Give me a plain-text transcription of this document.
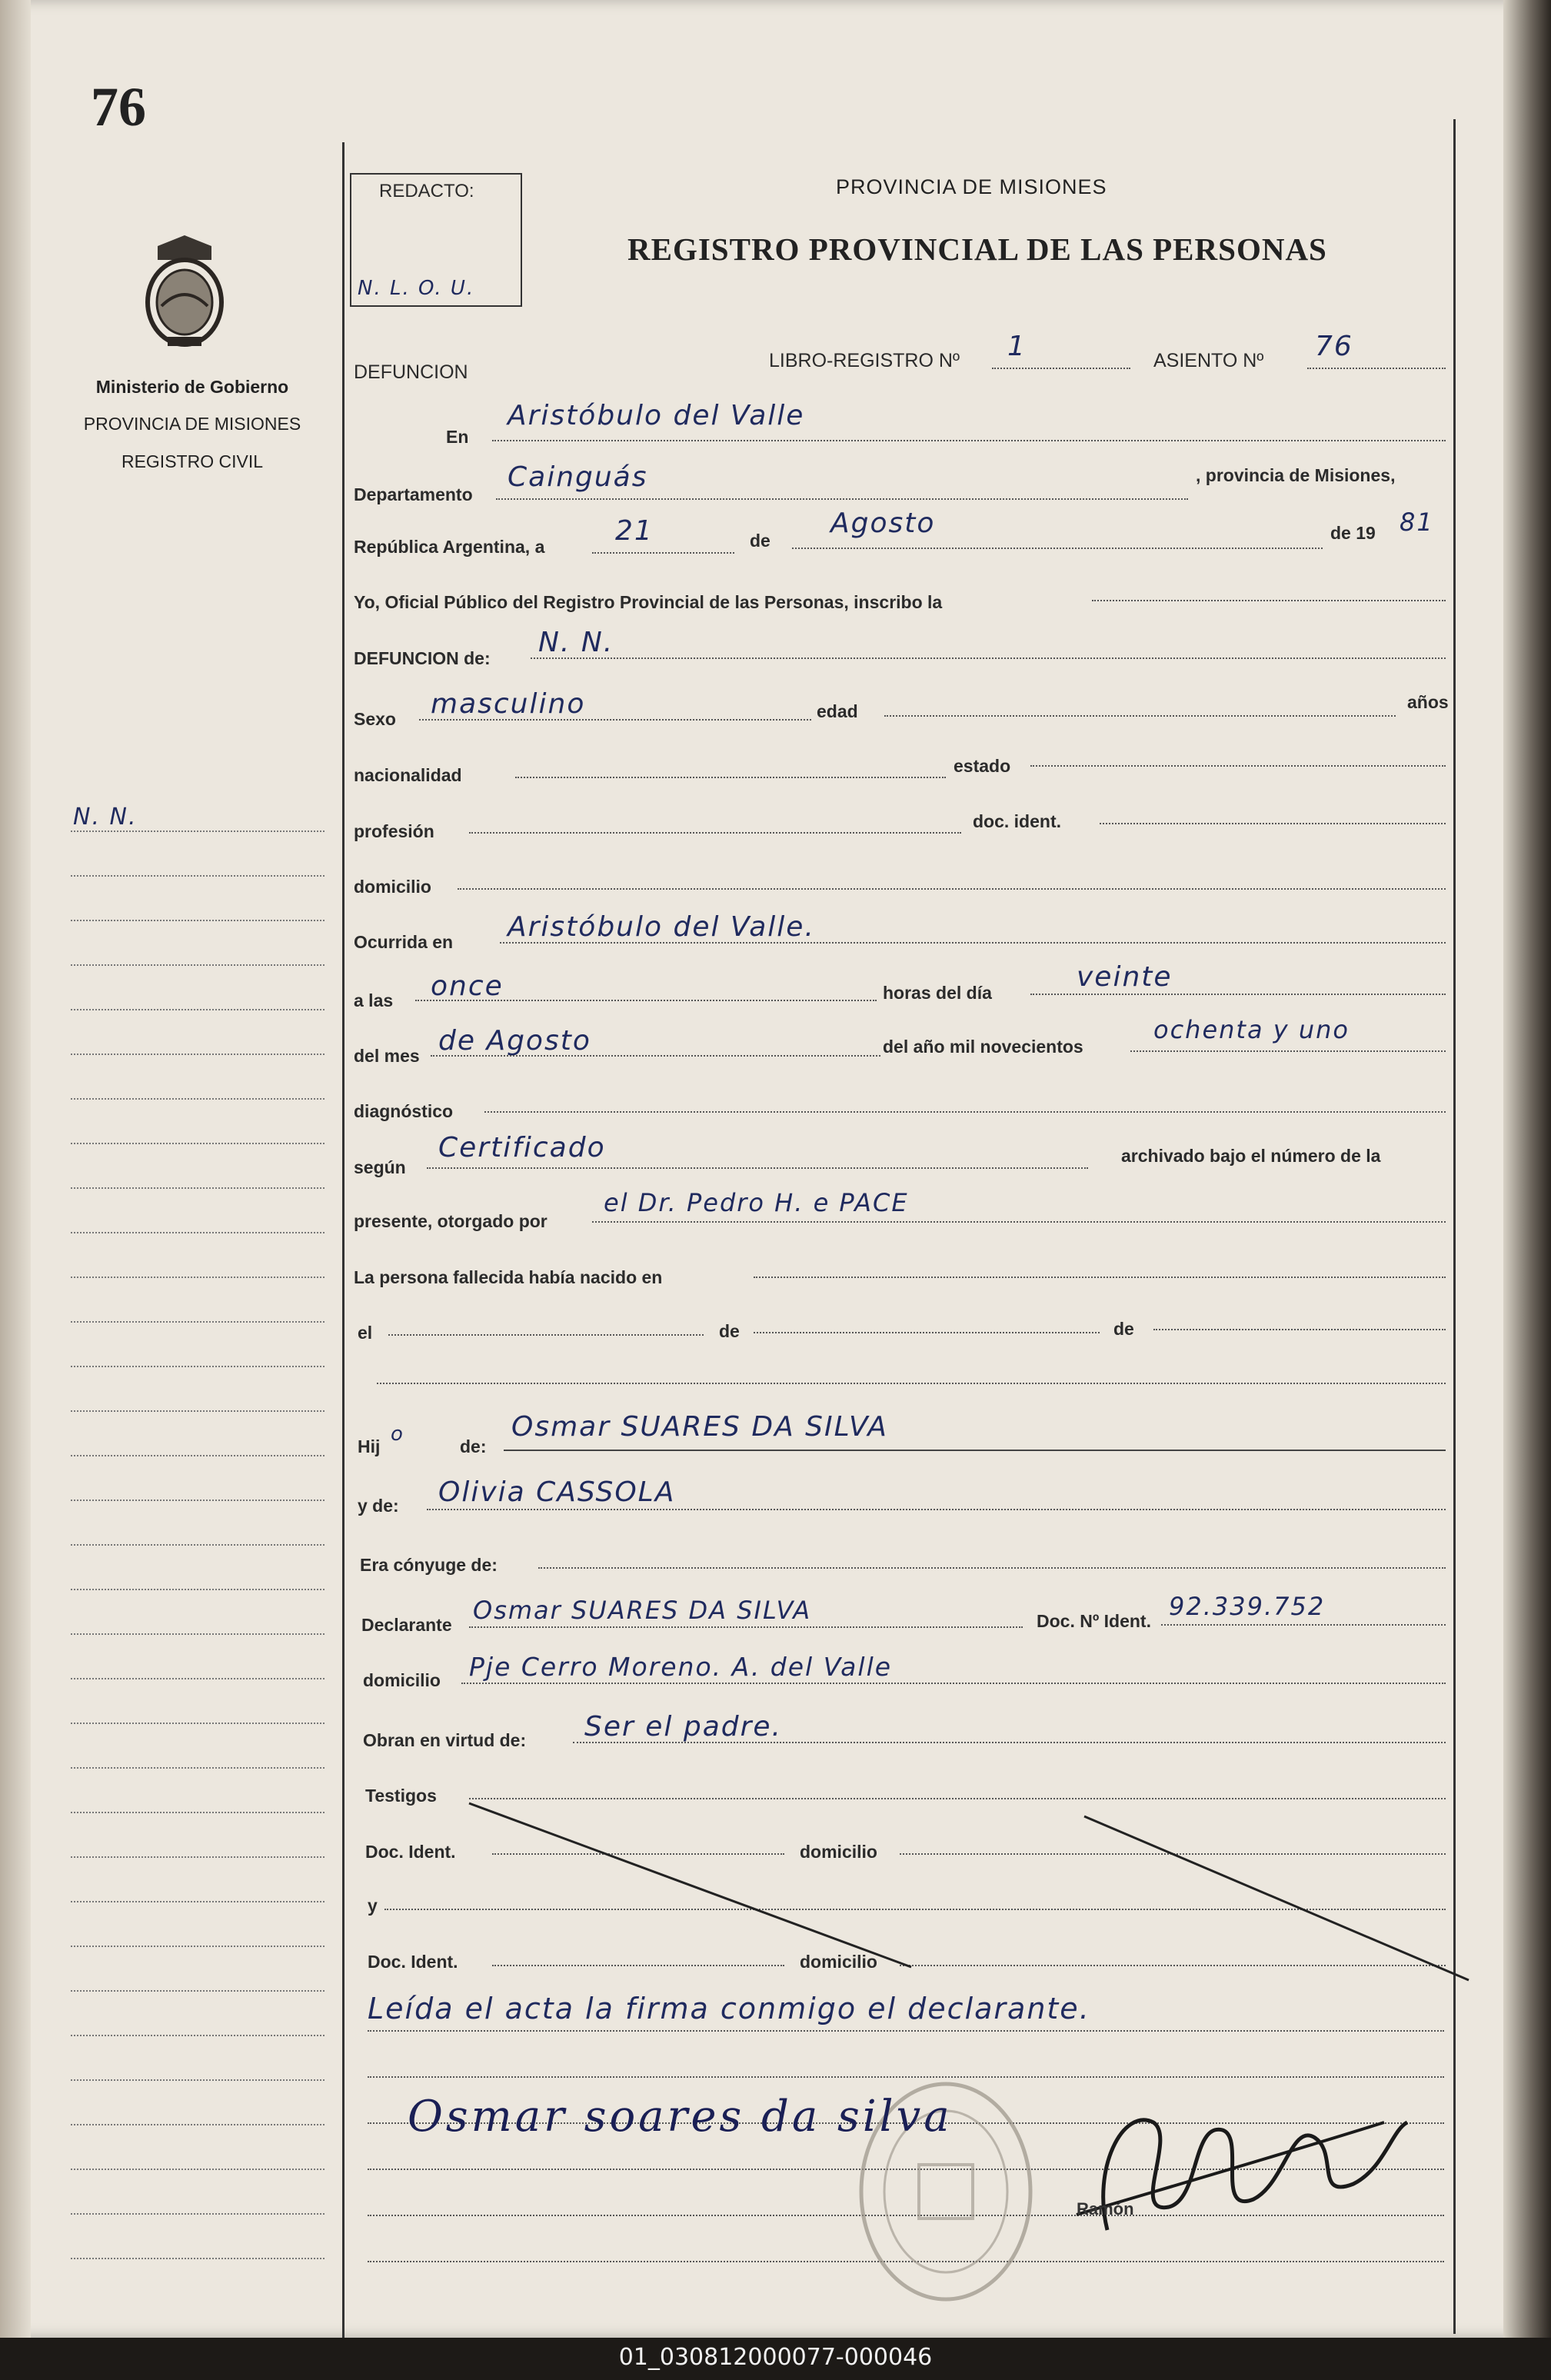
76
Ministerio de Gobierno
PROVINCIA DE MISIONES
REGISTRO CIVIL
N. N.
REDACTO:
N. L. O. U.
PROVINCIA DE MISIONES
REGISTRO PROVINCIAL DE LAS PERSONAS
DEFUNCION
LIBRO-REGISTRO Nº 1	ASIENTO Nº 76
En
Aristóbulo del Valle
Departamento
Cainguás	, provincia de Misiones,
República Argentina, a	21	de
Agosto	de 19 81
Yo, Oficial Público del Registro Provincial de las Personas, inscribo la
DEFUNCION de: N. N.
Sexo masculino	edad	años
nacionalidad	estado
profesión	doc. ident.
domicilio
Ocurrida en Aristóbulo del Valle.
a las once	horas del día	veinte
del mes de Agosto	del año mil novecientos
ochenta y uno
diagnóstico
según
Certificado	archivado bajo el número de la
presente, otorgado por
el Dr. Pedro H. e PACE
La persona fallecida había nacido en
el	de	de
Hij
o
de:
Osmar SUARES DA SILVA
y de: Olivia CASSOLA
Era cónyuge de:
Declarante Osmar SUARES DA SILVA	Doc. Nº Ident. 92.339.752
domicilio Pje Cerro Moreno. A. del Valle
Obran en virtud de: Ser el padre.
Testigos
Doc. Ident.	domicilio
y
Doc. Ident.	domicilio
Leída el acta la firma conmigo el declarante.
Osmar soares da silva
Ramón
01_030812000077-000046
